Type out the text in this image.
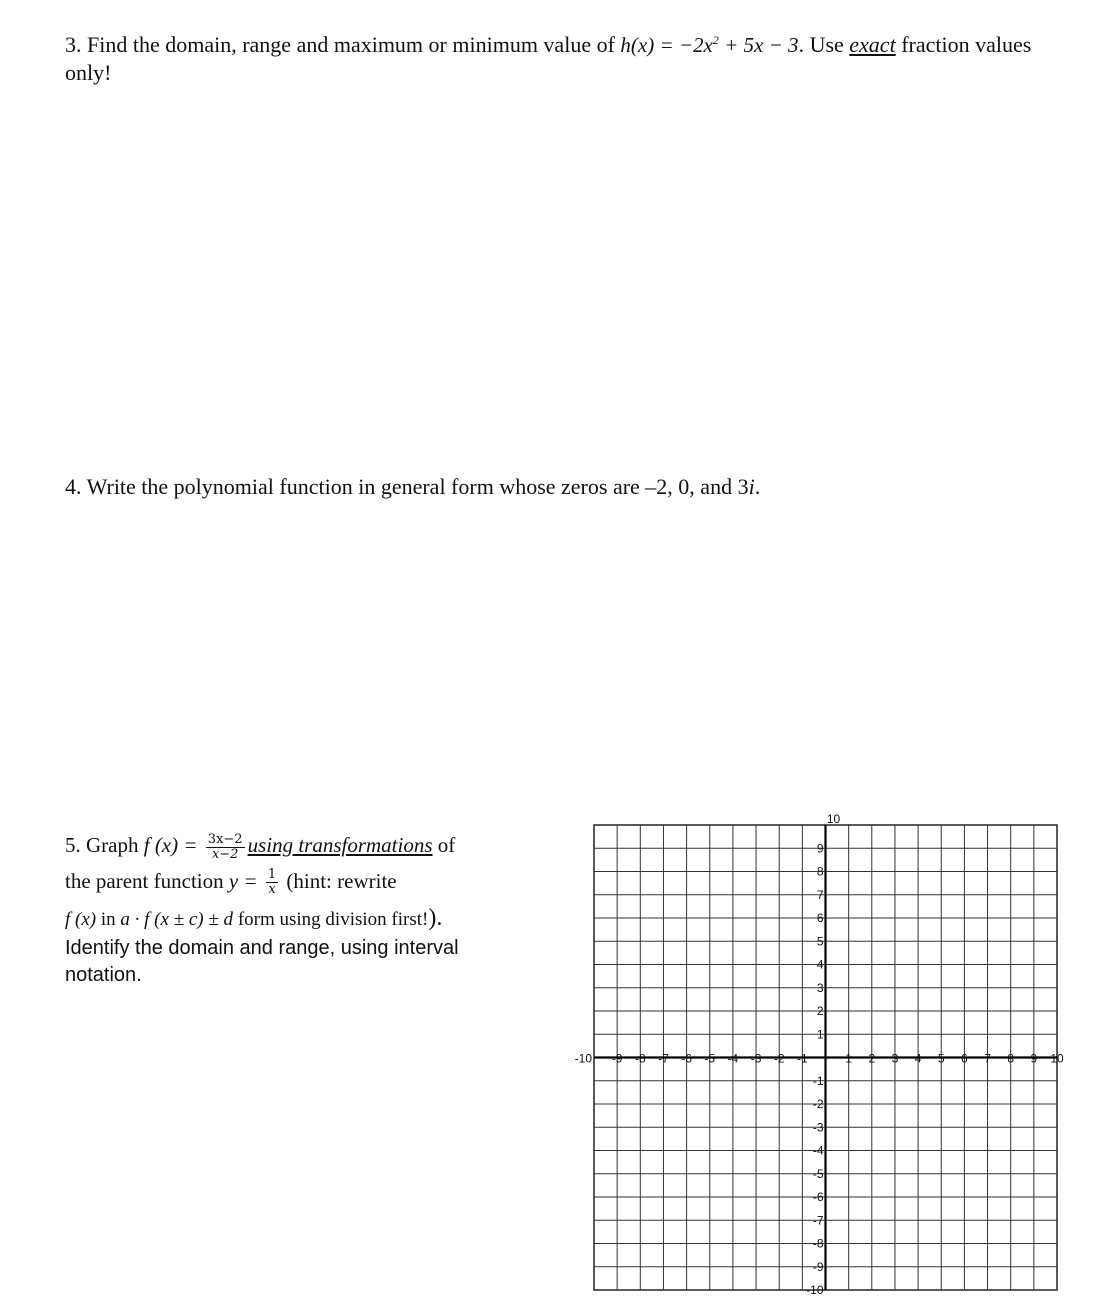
3. Find the domain, range and maximum or minimum value of $h(x) = -2x^2 + 5x - 3$. Use exact fraction values only!
4. Write the polynomial function in general form whose zeros are –2, 0, and 3i.
5. Graph f $(x) = \frac{3x-2}{x-2}$ using transformations of
the parent function $y = \frac{1}{x}$ (hint: rewrite
f (x) in a · f (x ± c) ± d form using division first!).
Identify the domain and range, using interval notation.
-10 -9 -8 -7 -6 -5 -4 -3 -2 -1	1 2 3 4 5 6 7 8 9 10
10
9
8
7
6
5
4
3
2
1
-1
-2
-3
-4
-5
-6
-7
-8
-9
-10
